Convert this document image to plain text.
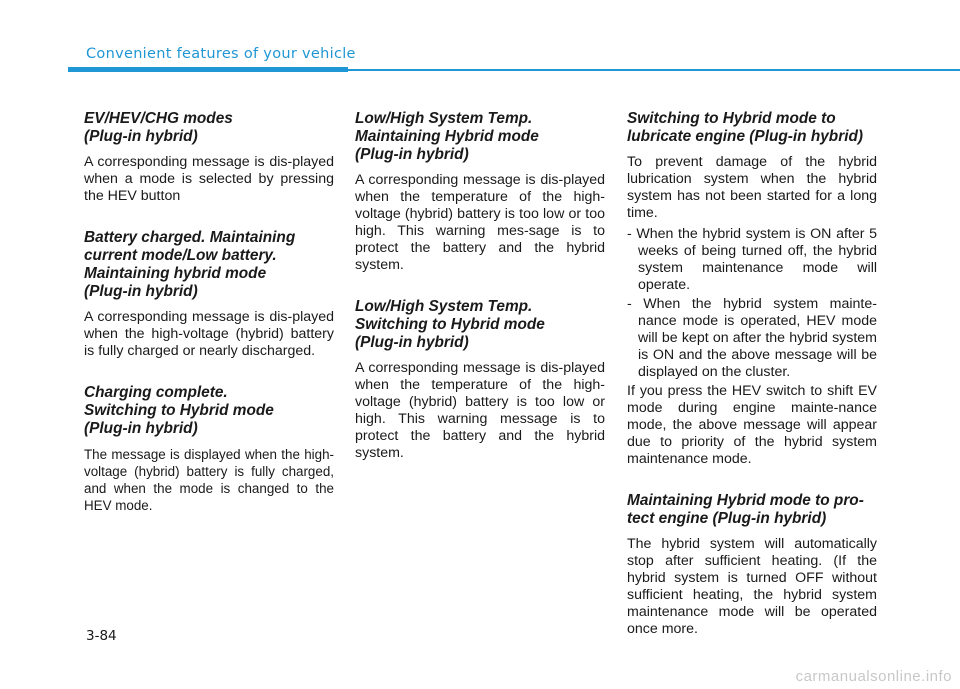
Convenient features of your vehicle
EV/HEV/CHG modes
(Plug-in hybrid)

A corresponding message is dis-played when a mode is selected by pressing the HEV button

Battery charged. Maintaining
current mode/Low battery.
Maintaining hybrid mode
(Plug-in hybrid)

A corresponding message is dis-played when the high-voltage (hybrid) battery is fully charged or nearly discharged.

Charging complete.
Switching to Hybrid mode
(Plug-in hybrid)

The message is displayed when the high-voltage (hybrid) battery is fully charged, and when the mode is changed to the HEV mode.

Low/High System Temp.
Maintaining Hybrid mode
(Plug-in hybrid)

A corresponding message is dis-played when the temperature of the high-voltage (hybrid) battery is too low or too high. This warning mes-sage is to protect the battery and the hybrid system.

Low/High System Temp.
Switching to Hybrid mode
(Plug-in hybrid)

A corresponding message is dis-played when the temperature of the high-voltage (hybrid) battery is too low or high. This warning message is to protect the battery and the hybrid system.

Switching to Hybrid mode to
lubricate engine (Plug-in hybrid)

To prevent damage of the hybrid lubrication system when the hybrid system has not been started for a long time.

- When the hybrid system is ON after 5 weeks of being turned off, the hybrid system maintenance mode will operate.
- When the hybrid system mainte-nance mode is operated, HEV mode will be kept on after the hybrid system is ON and the above message will be displayed on the cluster.

If you press the HEV switch to shift EV mode during engine mainte-nance mode, the above message will appear due to priority of the hybrid system maintenance mode.

Maintaining Hybrid mode to pro-
tect engine (Plug-in hybrid)

The hybrid system will automatically stop after sufficient heating. (If the hybrid system is turned OFF without sufficient heating, the hybrid system maintenance mode will be operated once more.

3-84
carmanualsonline.info
